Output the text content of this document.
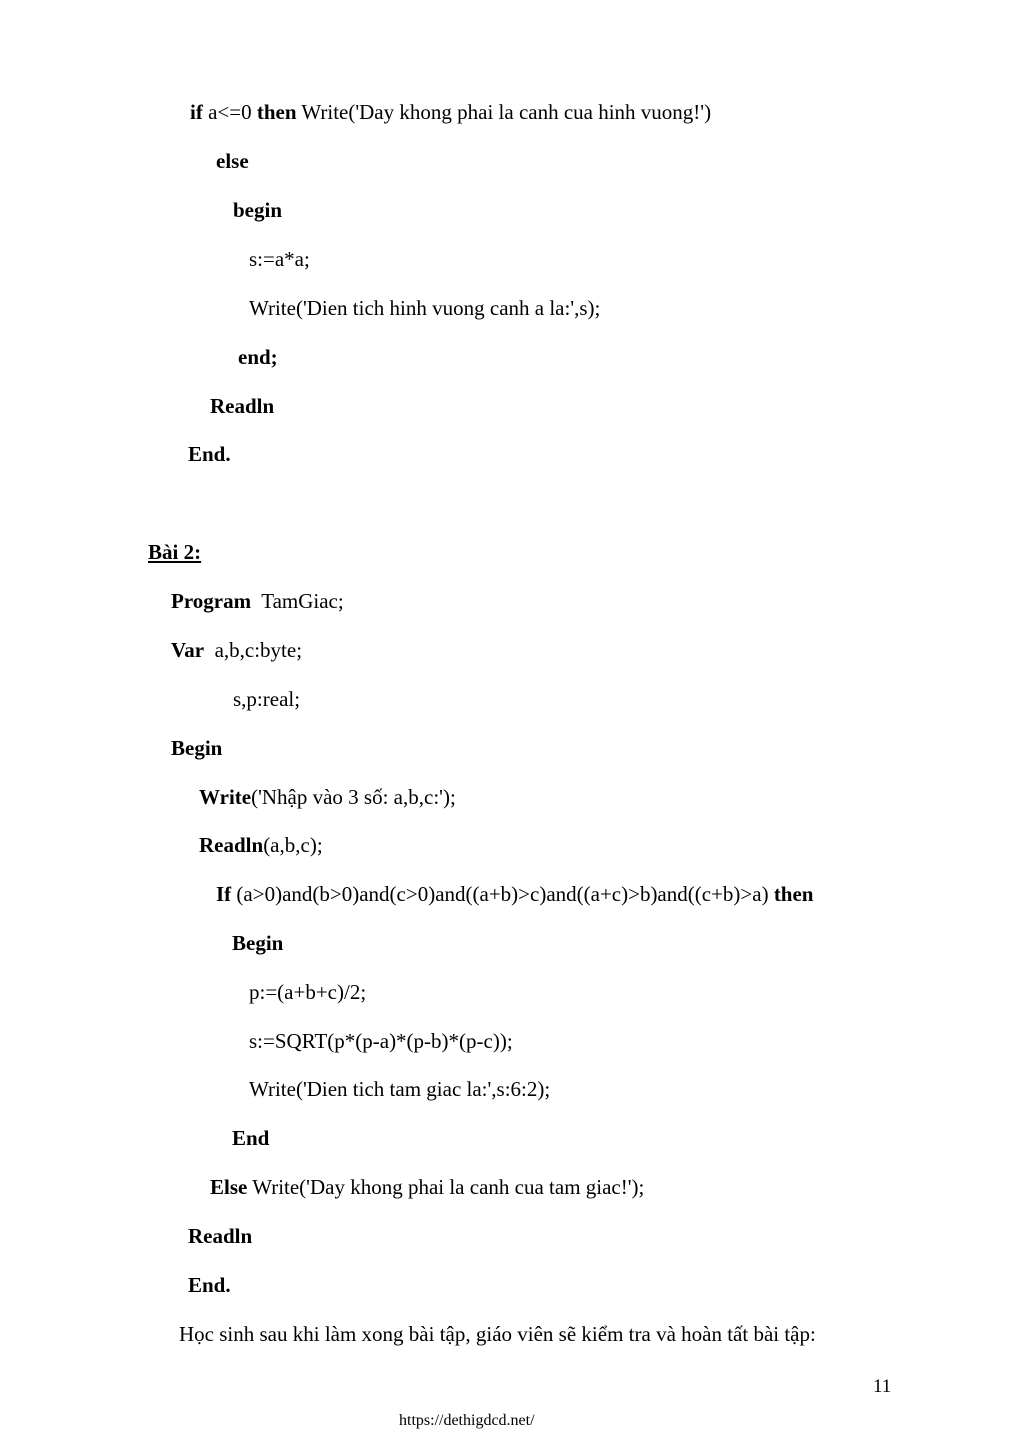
if a<=0 then Write('Day khong phai la canh cua hinh vuong!')
else
begin
s:=a*a;
Write('Dien tich hinh vuong canh a la:',s);
end;
Readln
End.
Bài 2:
Program  TamGiac;
Var  a,b,c:byte;
s,p:real;
Begin
Write('Nhập vào 3 số: a,b,c:');
Readln(a,b,c);
If (a>0)and(b>0)and(c>0)and((a+b)>c)and((a+c)>b)and((c+b)>a) then
Begin
p:=(a+b+c)/2;
s:=SQRT(p*(p-a)*(p-b)*(p-c));
Write('Dien tich tam giac la:',s:6:2);
End
Else Write('Day khong phai la canh cua tam giac!');
Readln
End.
Học sinh sau khi làm xong bài tập, giáo viên sẽ kiểm tra và hoàn tất bài tập:
11
https://dethigdcd.net/
